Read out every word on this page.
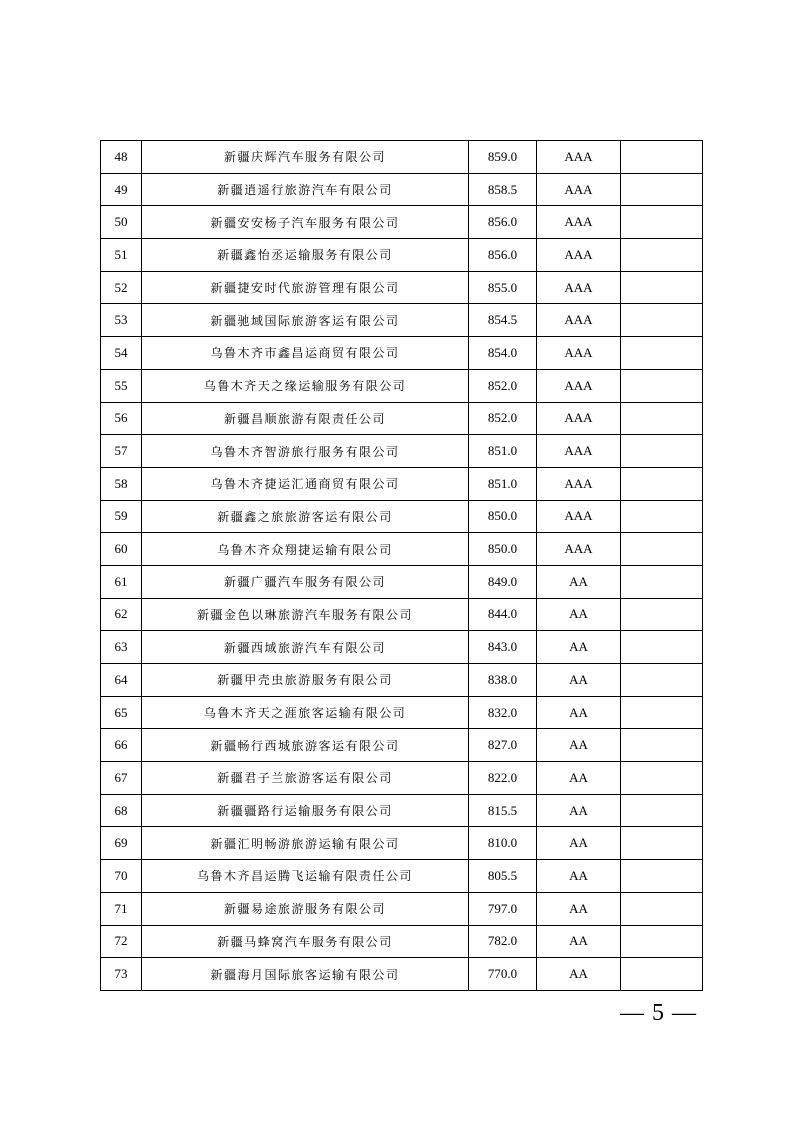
48	新疆庆辉汽车服务有限公司	859.0	AAA	
49	新疆逍遥行旅游汽车有限公司	858.5	AAA	
50	新疆安安杨子汽车服务有限公司	856.0	AAA	
51	新疆鑫怡丞运输服务有限公司	856.0	AAA	
52	新疆捷安时代旅游管理有限公司	855.0	AAA	
53	新疆驰域国际旅游客运有限公司	854.5	AAA	
54	乌鲁木齐市鑫昌运商贸有限公司	854.0	AAA	
55	乌鲁木齐天之缘运输服务有限公司	852.0	AAA	
56	新疆昌顺旅游有限责任公司	852.0	AAA	
57	乌鲁木齐智游旅行服务有限公司	851.0	AAA	
58	乌鲁木齐捷运汇通商贸有限公司	851.0	AAA	
59	新疆鑫之旅旅游客运有限公司	850.0	AAA	
60	乌鲁木齐众翔捷运输有限公司	850.0	AAA	
61	新疆广疆汽车服务有限公司	849.0	AA	
62	新疆金色以琳旅游汽车服务有限公司	844.0	AA	
63	新疆西域旅游汽车有限公司	843.0	AA	
64	新疆甲壳虫旅游服务有限公司	838.0	AA	
65	乌鲁木齐天之涯旅客运输有限公司	832.0	AA	
66	新疆畅行西城旅游客运有限公司	827.0	AA	
67	新疆君子兰旅游客运有限公司	822.0	AA	
68	新疆疆路行运输服务有限公司	815.5	AA	
69	新疆汇明畅游旅游运输有限公司	810.0	AA	
70	乌鲁木齐昌运腾飞运输有限责任公司	805.5	AA	
71	新疆易途旅游服务有限公司	797.0	AA	
72	新疆马蜂窝汽车服务有限公司	782.0	AA	
73	新疆海月国际旅客运输有限公司	770.0	AA	
— 5 —
